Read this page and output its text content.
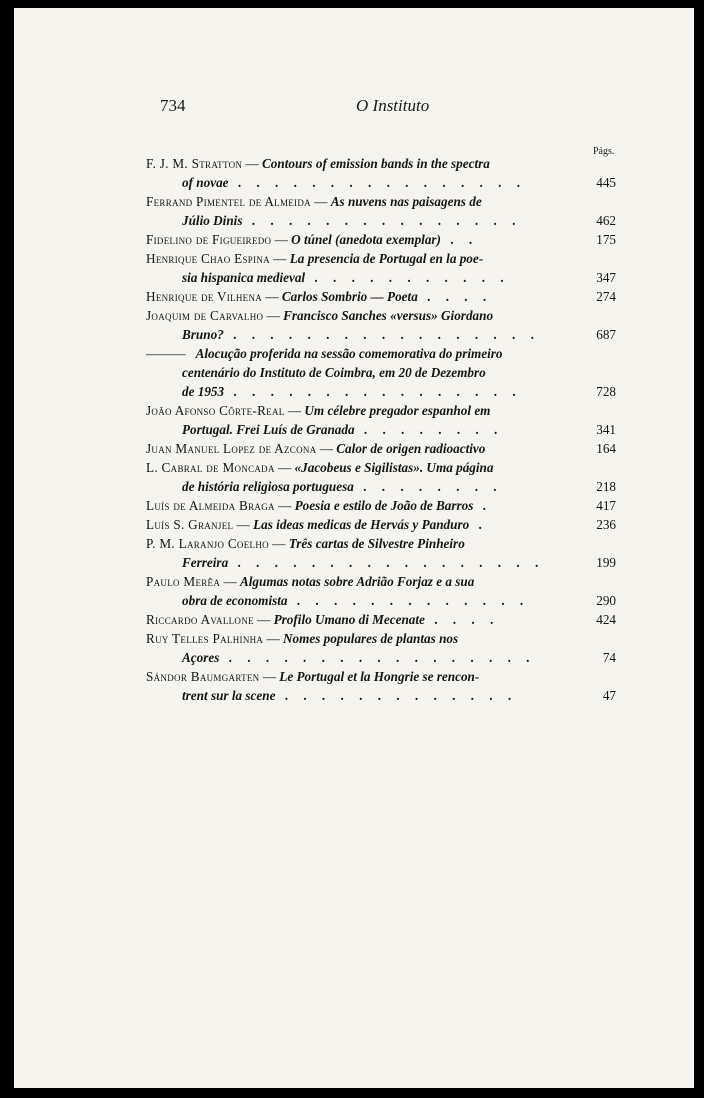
734	O Instituto
Págs.
F. J. M. Stratton — Contours of emission bands in the spectra
of novae . . . . . . . . . . . . . . . .	445
Ferrand Pimentel de Almeida — As nuvens nas paisagens de
Júlio Dinis . . . . . . . . . . . . . . .	462
Fidelino de Figueiredo — O túnel (anedota exemplar) . .	175
Henrique Chao Espina — La presencia de Portugal en la poe-
sia hispanica medieval . . . . . . . . . . .	347
Henrique de Vilhena — Carlos Sombrio — Poeta . . . .	274
Joaquim de Carvalho — Francisco Sanches «versus» Giordano
Bruno? . . . . . . . . . . . . . . . . .	687
——— Alocução proferida na sessão comemorativa do primeiro
centenário do Instituto de Coimbra, em 20 de Dezembro
de 1953 . . . . . . . . . . . . . . . .	728
João Afonso Côrte-Real — Um célebre pregador espanhol em
Portugal. Frei Luís de Granada . . . . . . . .	341
Juan Manuel Lopez de Azcona — Calor de origen radioactivo	164
L. Cabral de Moncada — «Jacobeus e Sigilistas». Uma página
de história religiosa portuguesa . . . . . . . .	218
Luís de Almeida Braga — Poesia e estilo de João de Barros .	417
Luís S. Granjel — Las ideas medicas de Hervás y Panduro .	236
P. M. Laranjo Coelho — Três cartas de Silvestre Pinheiro
Ferreira . . . . . . . . . . . . . . . . .	199
Paulo Merêa — Algumas notas sobre Adrião Forjaz e a sua
obra de economista . . . . . . . . . . . . .	290
Riccardo Avallone — Profilo Umano di Mecenate . . . .	424
Ruy Telles Palhinha — Nomes populares de plantas nos
Açores . . . . . . . . . . . . . . . . .	74
Sándor Baumgarten — Le Portugal et la Hongrie se rencon-
trent sur la scene . . . . . . . . . . . . .	47
